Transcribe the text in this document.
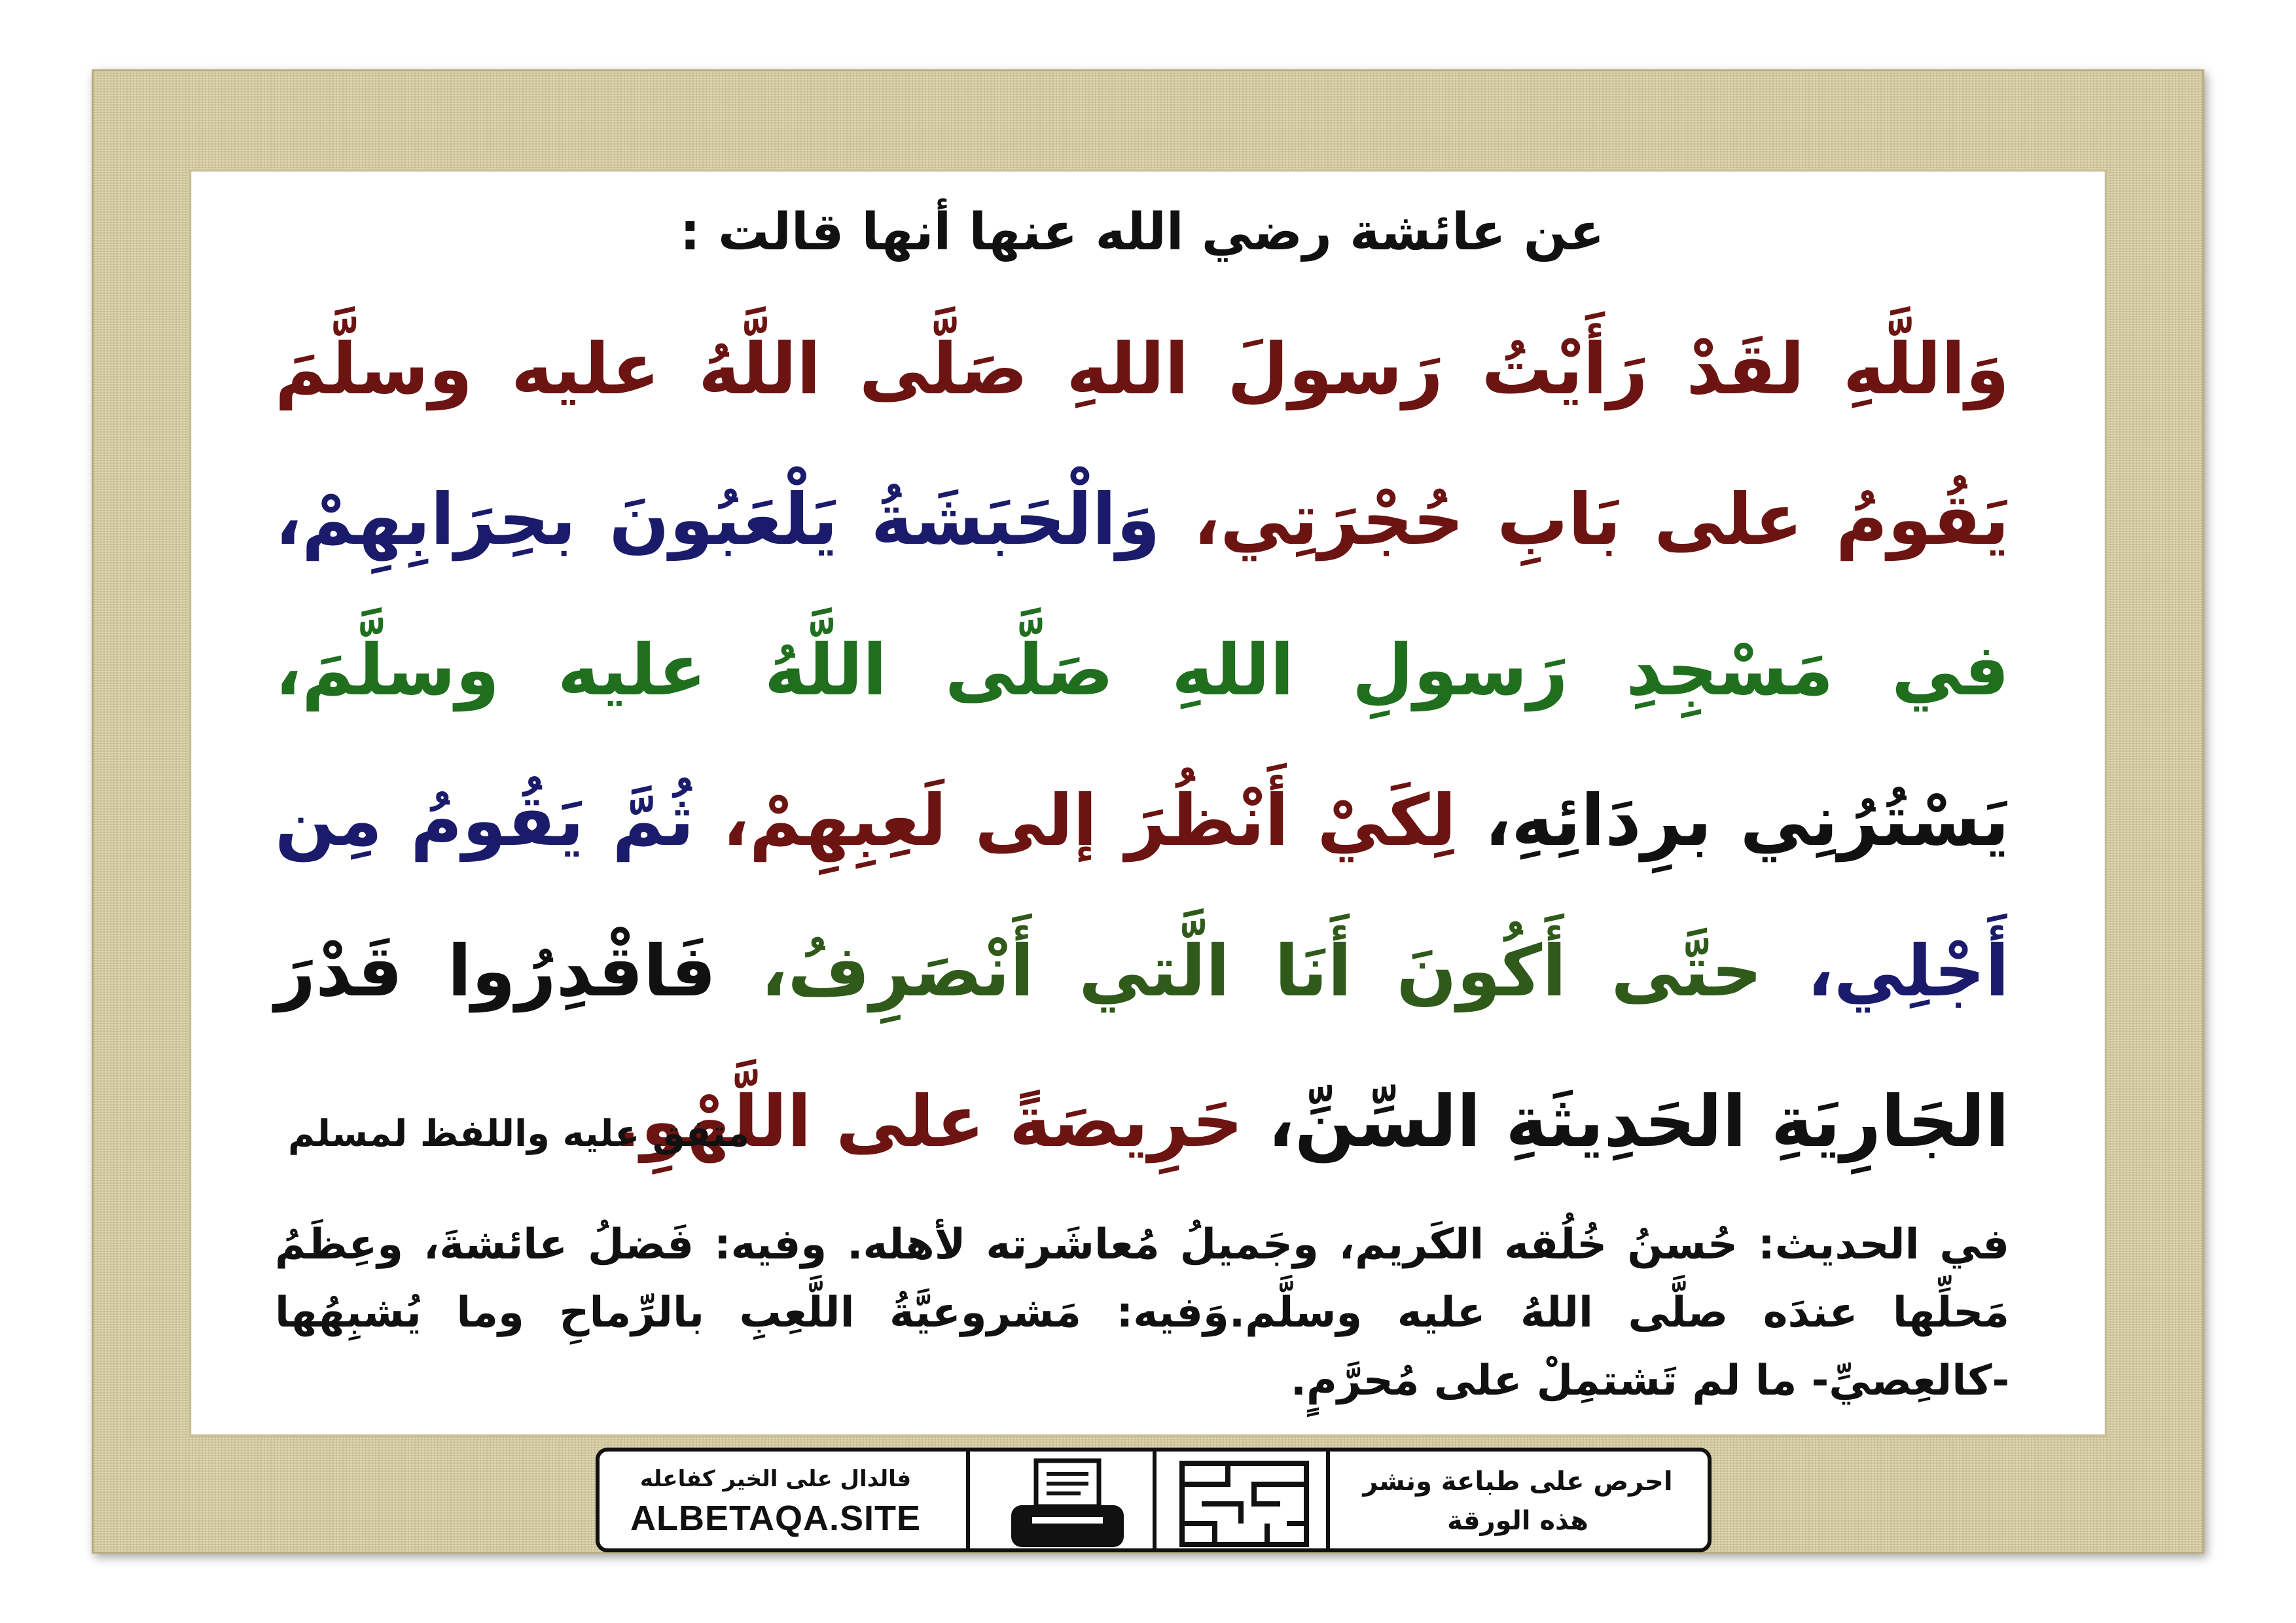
عن عائشة رضي الله عنها أنها قالت :

وَاللَّهِ لقَدْ رَأَيْتُ رَسولَ اللهِ صَلَّى اللَّهُ عليه وسلَّمَ يَقُومُ على بَابِ حُجْرَتِي، وَالْحَبَشَةُ يَلْعَبُونَ بحِرَابِهِمْ، في مَسْجِدِ رَسولِ اللهِ صَلَّى اللَّهُ عليه وسلَّمَ، يَسْتُرُنِي برِدَائِهِ، لِكَيْ أَنْظُرَ إلى لَعِبِهِمْ، ثُمَّ يَقُومُ مِن أَجْلِي، حتَّى أَكُونَ أَنَا الَّتي أَنْصَرِفُ، فَاقْدِرُوا قَدْرَ الجَارِيَةِ الحَدِيثَةِ السِّنِّ، حَرِيصَةً على اللَّهْوِ.
متفق عليه واللفظ لمسلم
في الحديث: حُسنُ خُلُقه الكَريم، وجَميلُ مُعاشَرته لأهله. وفيه: فَضلُ عائشةَ، وعِظَمُ مَحلِّها عندَه صلَّى اللهُ عليه وسلَّم.وَفيه: مَشروعيَّةُ اللَّعِبِ بالرِّماحِ وما يُشبِهُها -كالعِصيِّ- ما لم تَشتمِلْ على مُحرَّمٍ.
فالدال على الخير كفاعله
ALBETAQA.SITE
احرص على طباعة ونشر هذه الورقة
